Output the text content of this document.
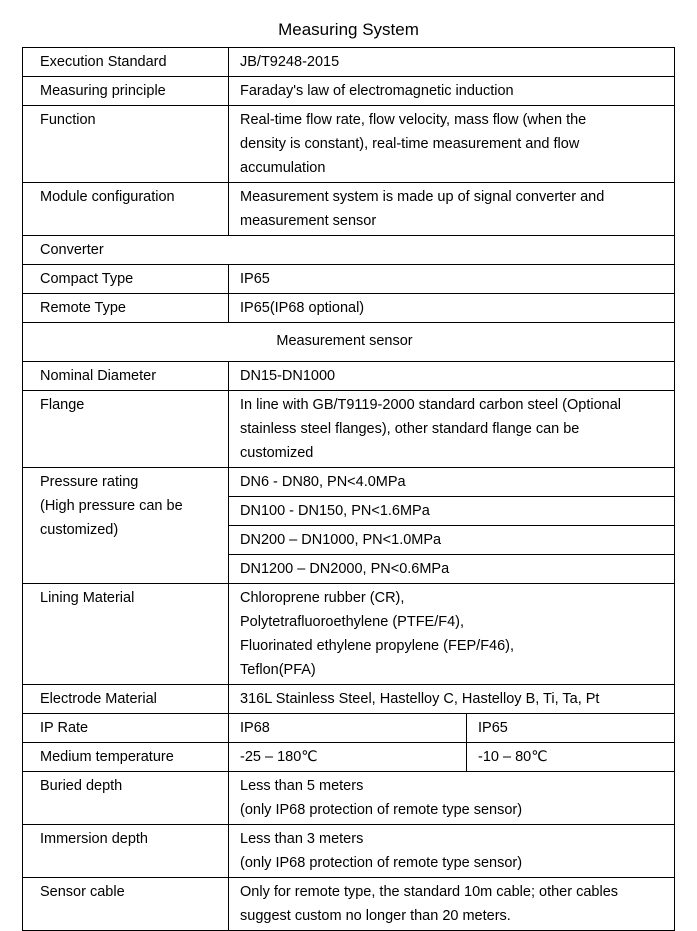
Measuring System
Execution Standard	JB/T9248-2015	
Measuring principle	Faraday's law of electromagnetic induction	
Function	Real-time flow rate, flow velocity, mass flow (when the
density is constant), real-time measurement and flow
accumulation	

Module configuration	Measurement system is made up of signal converter and
measurement sensor	

Converter		
Compact Type	IP65	
Remote Type	IP65(IP68 optional)	
Measurement sensor		
Nominal Diameter	DN15-DN1000	
Flange	In line with GB/T9119-2000 standard carbon steel (Optional
stainless steel flanges), other standard flange can be
customized	

Pressure rating
(High pressure can be
customized)	DN6 - DN80, PN<4.0MPa	
	DN100 - DN150, PN<1.6MPa	
	DN200 – DN1000, PN<1.0MPa	
	DN1200 – DN2000, PN<0.6MPa	
Lining Material	Chloroprene rubber (CR),
Polytetrafluoroethylene (PTFE/F4),
Fluorinated ethylene propylene (FEP/F46),
Teflon(PFA)	

Electrode Material	316L Stainless Steel, Hastelloy C, Hastelloy B, Ti, Ta, Pt	
IP Rate	IP68	IP65
Medium temperature	-25 – 180℃	-10 – 80℃
Buried depth	Less than 5 meters
(only IP68 protection of remote type sensor)	

Immersion depth	Less than 3 meters
(only IP68 protection of remote type sensor)	

Sensor cable	Only for remote type, the standard 10m cable; other cables
suggest custom no longer than 20 meters.	
